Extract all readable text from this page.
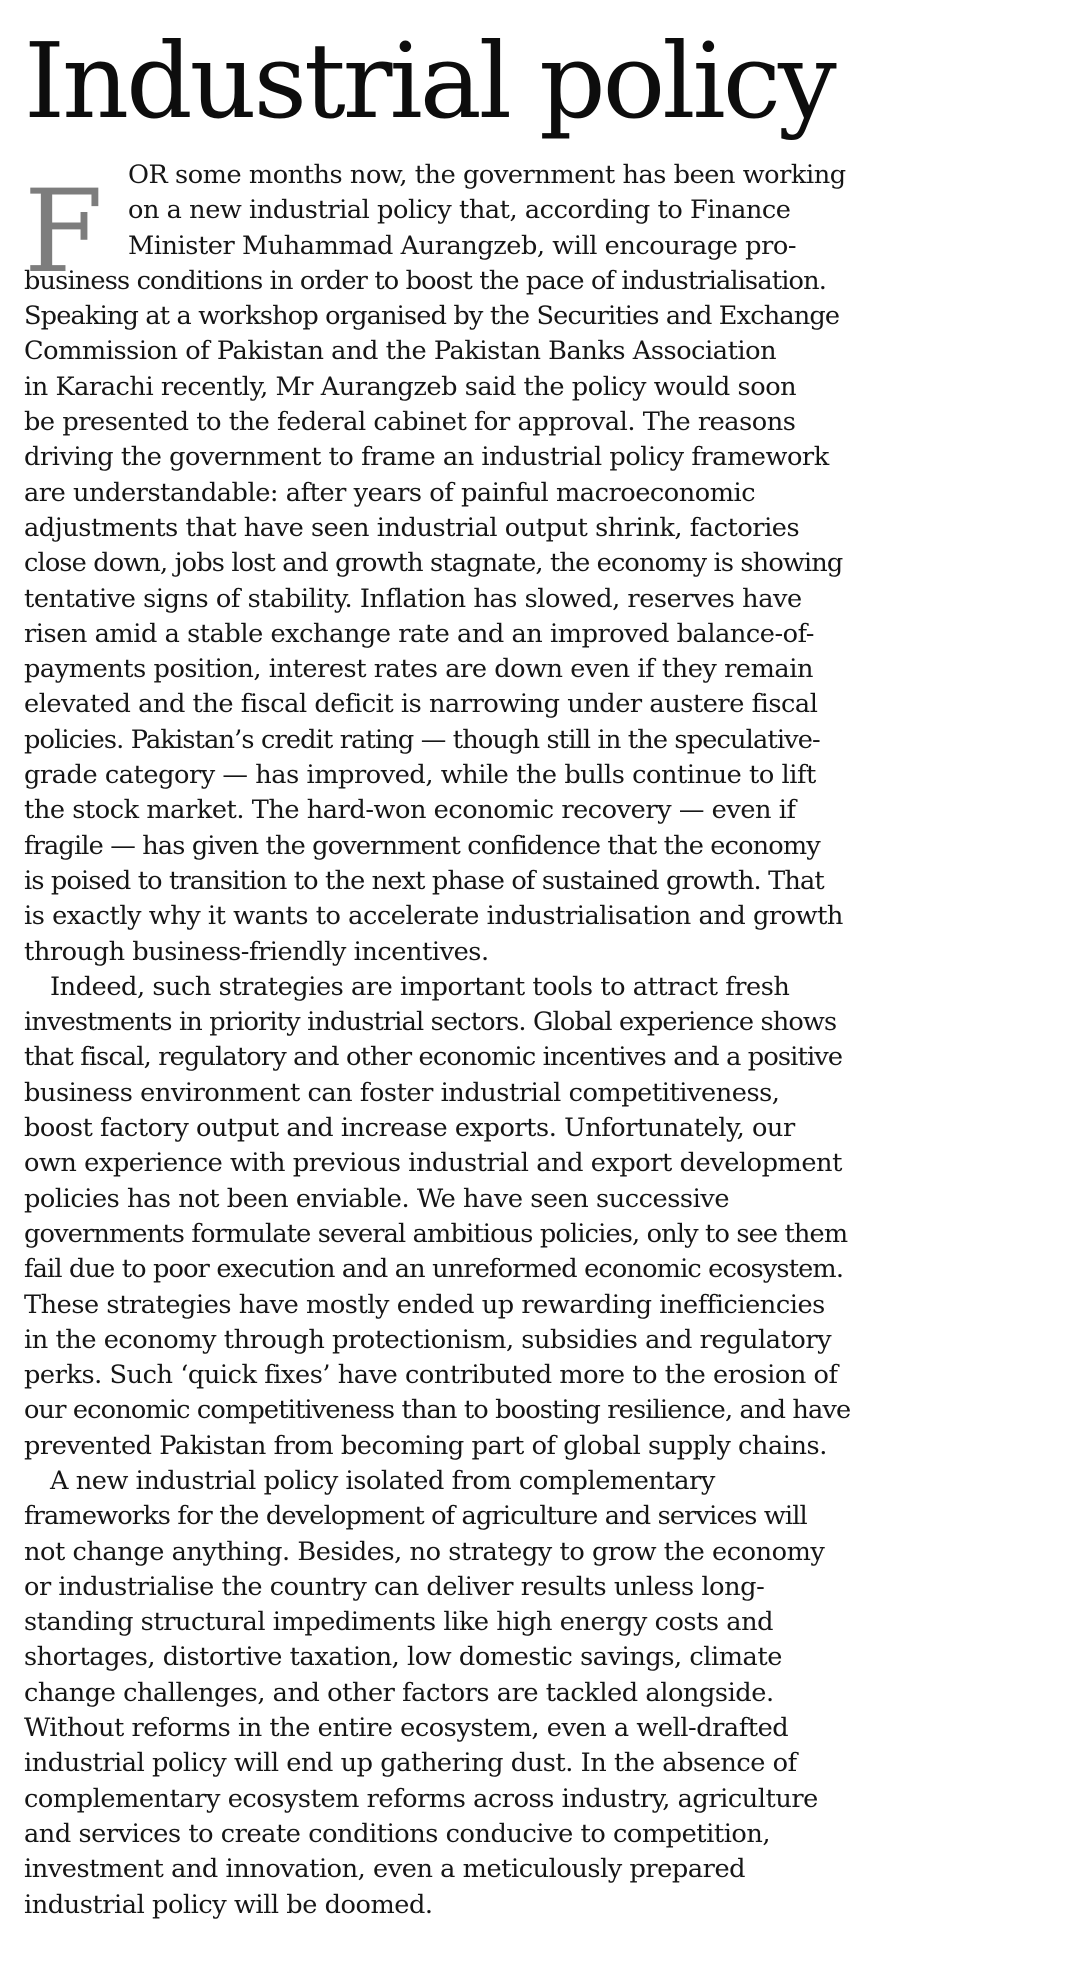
Industrial policy
F OR some months now, the government has been working
on a new industrial policy that, according to Finance
Minister Muhammad Aurangzeb, will encourage pro-
business conditions in order to boost the pace of industrialisation.
Speaking at a workshop organised by the Securities and Exchange
Commission of Pakistan and the Pakistan Banks Association
in Karachi recently, Mr Aurangzeb said the policy would soon
be presented to the federal cabinet for approval. The reasons
driving the government to frame an industrial policy framework
are understandable: after years of painful macroeconomic
adjustments that have seen industrial output shrink, factories
close down, jobs lost and growth stagnate, the economy is showing
tentative signs of stability. Inflation has slowed, reserves have
risen amid a stable exchange rate and an improved balance-of-
payments position, interest rates are down even if they remain
elevated and the fiscal deficit is narrowing under austere fiscal
policies. Pakistan’s credit rating — though still in the speculative-
grade category — has improved, while the bulls continue to lift
the stock market. The hard-won economic recovery — even if
fragile — has given the government confidence that the economy
is poised to transition to the next phase of sustained growth. That
is exactly why it wants to accelerate industrialisation and growth
through business-friendly incentives.
Indeed, such strategies are important tools to attract fresh
investments in priority industrial sectors. Global experience shows
that fiscal, regulatory and other economic incentives and a positive
business environment can foster industrial competitiveness,
boost factory output and increase exports. Unfortunately, our
own experience with previous industrial and export development
policies has not been enviable. We have seen successive
governments formulate several ambitious policies, only to see them
fail due to poor execution and an unreformed economic ecosystem.
These strategies have mostly ended up rewarding inefficiencies
in the economy through protectionism, subsidies and regulatory
perks. Such ‘quick fixes’ have contributed more to the erosion of
our economic competitiveness than to boosting resilience, and have
prevented Pakistan from becoming part of global supply chains.
A new industrial policy isolated from complementary
frameworks for the development of agriculture and services will
not change anything. Besides, no strategy to grow the economy
or industrialise the country can deliver results unless long-
standing structural impediments like high energy costs and
shortages, distortive taxation, low domestic savings, climate
change challenges, and other factors are tackled alongside.
Without reforms in the entire ecosystem, even a well-drafted
industrial policy will end up gathering dust. In the absence of
complementary ecosystem reforms across industry, agriculture
and services to create conditions conducive to competition,
investment and innovation, even a meticulously prepared
industrial policy will be doomed.
